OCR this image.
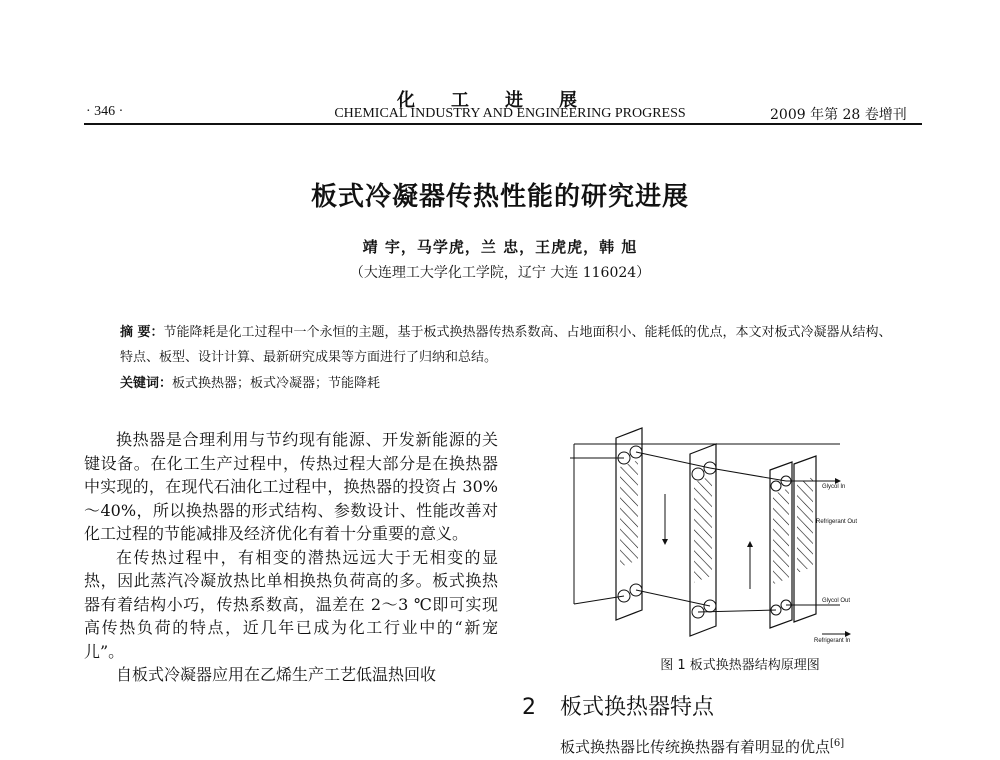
化工进展
CHEMICAL INDUSTRY AND ENGINEERING PROGRESS
· 346 ·	2009 年第 28 卷增刊
板式冷凝器传热性能的研究进展
靖 宇，马学虎，兰 忠，王虎虎，韩 旭
（大连理工大学化工学院，辽宁 大连 116024）
摘 要：节能降耗是化工过程中一个永恒的主题，基于板式换热器传热系数高、占地面积小、能耗低的优点，本文对板式冷凝器从结构、特点、板型、设计计算、最新研究成果等方面进行了归纳和总结。
关键词：板式换热器；板式冷凝器；节能降耗

换热器是合理利用与节约现有能源、开发新能源的关键设备。在化工生产过程中，传热过程大部分是在换热器中实现的，在现代石油化工过程中，换热器的投资占 30%～40%，所以换热器的形式结构、参数设计、性能改善对化工过程的节能减排及经济优化有着十分重要的意义。

在传热过程中，有相变的潜热远远大于无相变的显热，因此蒸汽冷凝放热比单相换热负荷高的多。板式换热器有着结构小巧，传热系数高，温差在 2～3 ℃即可实现高传热负荷的特点，近几年已成为化工行业中的“新宠儿”。

自板式冷凝器应用在乙烯生产工艺低温热回收

Glycol In
Refrigerant Out
Glycol Out
Refrigerant In
图 1 板式换热器结构原理图
2 板式换热器特点
板式换热器比传统换热器有着明显的优点[6]
